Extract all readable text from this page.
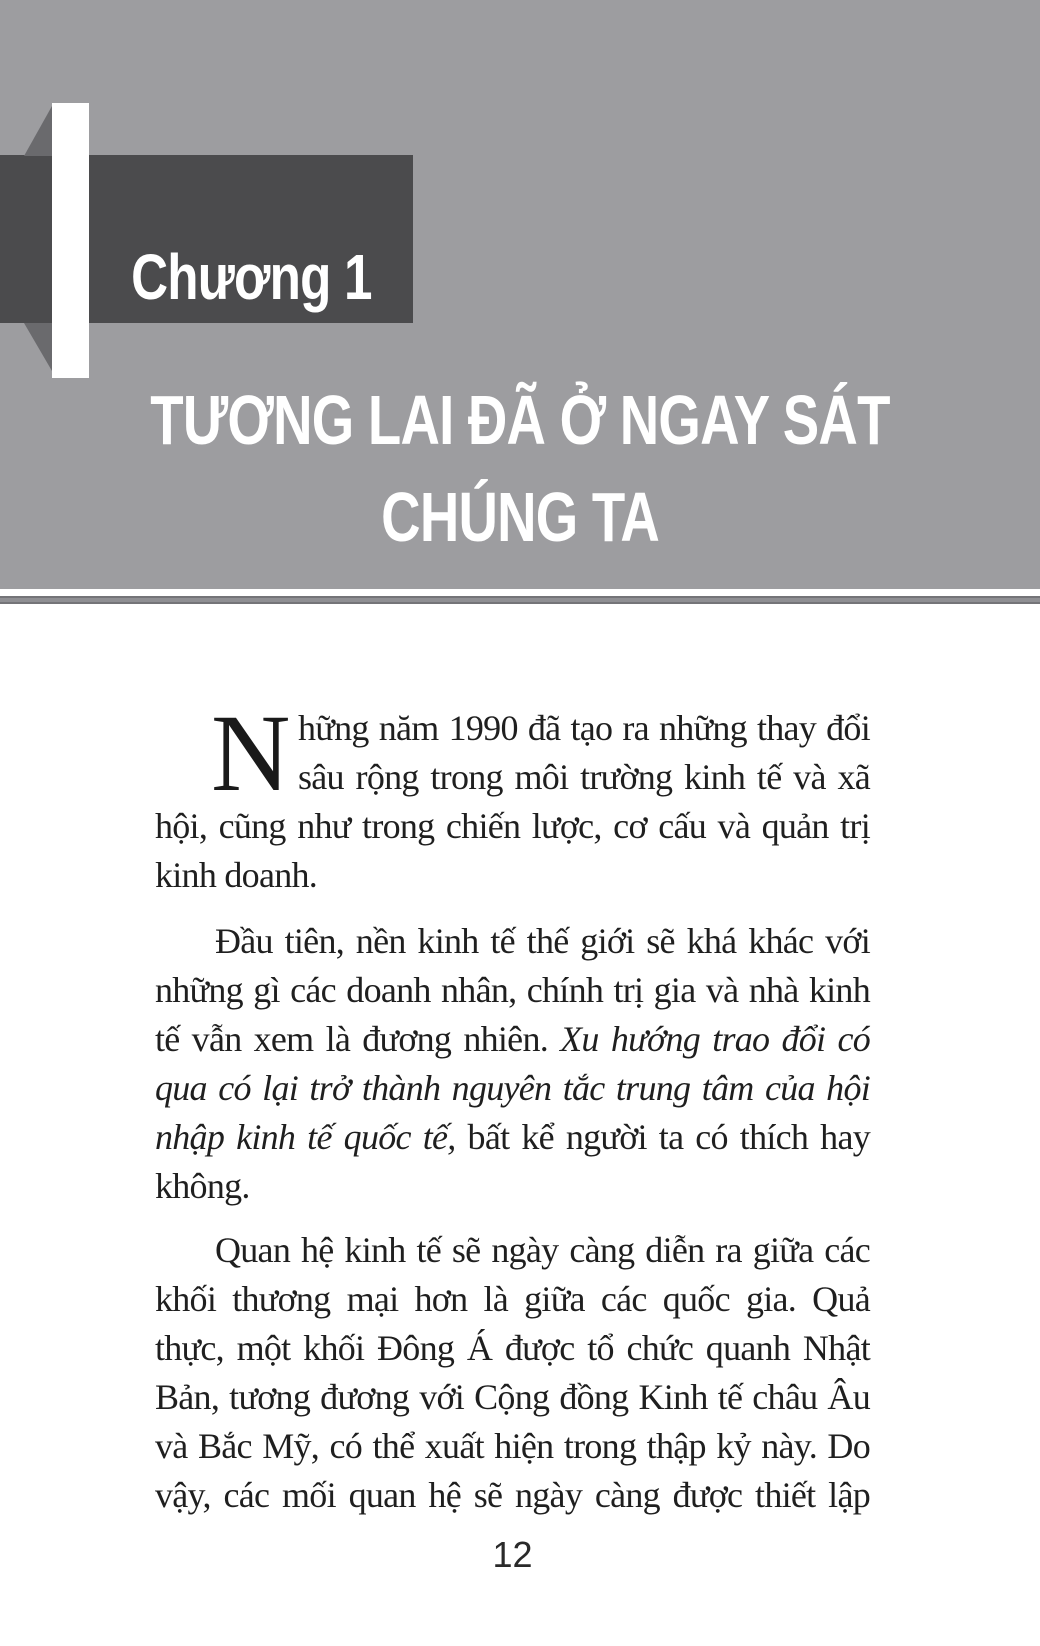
Chương 1
TƯƠNG LAI ĐÃ Ở NGAY SÁT
CHÚNG TA

Những năm 1990 đã tạo ra những thay đổi sâu rộng trong môi trường kinh tế và xã hội, cũng như trong chiến lược, cơ cấu và quản trị kinh doanh.

Đầu tiên, nền kinh tế thế giới sẽ khá khác với những gì các doanh nhân, chính trị gia và nhà kinh tế vẫn xem là đương nhiên. Xu hướng trao đổi có qua có lại trở thành nguyên tắc trung tâm của hội nhập kinh tế quốc tế, bất kể người ta có thích hay không.

Quan hệ kinh tế sẽ ngày càng diễn ra giữa các khối thương mại hơn là giữa các quốc gia. Quả thực, một khối Đông Á được tổ chức quanh Nhật Bản, tương đương với Cộng đồng Kinh tế châu Âu và Bắc Mỹ, có thể xuất hiện trong thập kỷ này. Do vậy, các mối quan hệ sẽ ngày càng được thiết lập

12
